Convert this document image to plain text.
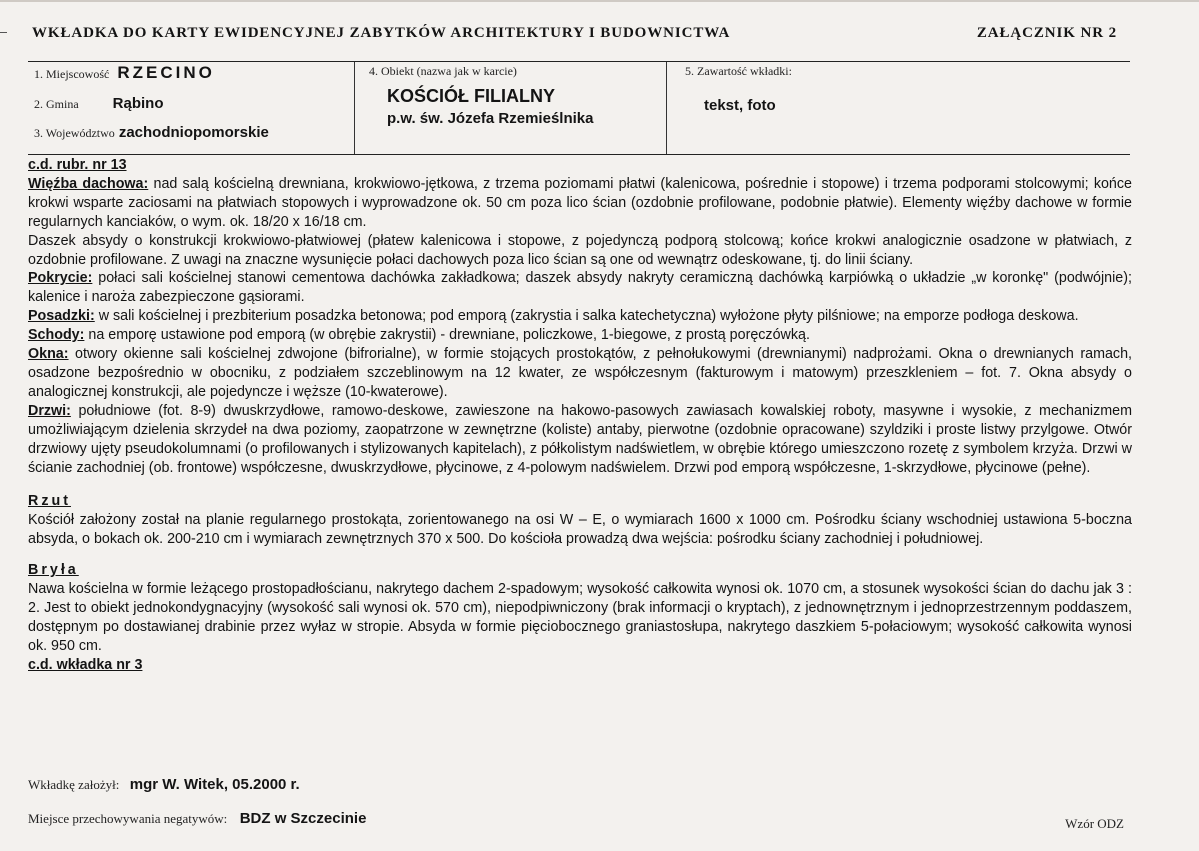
WKŁADKA DO KARTY EWIDENCYJNEJ ZABYTKÓW ARCHITEKTURY I BUDOWNICTWA	ZAŁĄCZNIK NR 2
1. Miejscowość RZECINO
2. Gmina Rąbino
3. Województwo zachodniopomorskie
4. Obiekt (nazwa jak w karcie)
KOŚCIÓŁ FILIALNY
p.w. św. Józefa Rzemieślnika
5. Zawartość wkładki:
tekst, foto

c.d. rubr. nr 13

Więźba dachowa: nad salą kościelną drewniana, krokwiowo-jętkowa, z trzema poziomami płatwi (kalenicowa, pośrednie i stopowe) i trzema podporami stolcowymi; końce krokwi wsparte zaciosami na płatwiach stopowych i wyprowadzone ok. 50 cm poza lico ścian (ozdobnie profilowane, podobnie płatwie). Elementy więźby dachowe w formie regularnych kanciaków, o wym. ok. 18/20 x 16/18 cm.

Daszek absydy o konstrukcji krokwiowo-płatwiowej (płatew kalenicowa i stopowe, z pojedynczą podporą stolcową; końce krokwi analogicznie osadzone w płatwiach, z ozdobnie profilowane. Z uwagi na znaczne wysunięcie połaci dachowych poza lico ścian są one od wewnątrz odeskowane, tj. do linii ściany.

Pokrycie: połaci sali kościelnej stanowi cementowa dachówka zakładkowa; daszek absydy nakryty ceramiczną dachówką karpiówką o układzie „w koronkę" (podwójnie); kalenice i naroża zabezpieczone gąsiorami.

Posadzki: w sali kościelnej i prezbiterium posadzka betonowa; pod emporą (zakrystia i salka katechetyczna) wyłożone płyty pilśniowe; na emporze podłoga deskowa.

Schody: na emporę ustawione pod emporą (w obrębie zakrystii) - drewniane, policzkowe, 1-biegowe, z prostą poręczówką.

Okna: otwory okienne sali kościelnej zdwojone (bifrorialne), w formie stojących prostokątów, z pełnołukowymi (drewnianymi) nadprożami. Okna o drewnianych ramach, osadzone bezpośrednio w obocniku, z podziałem szczeblinowym na 12 kwater, ze współczesnym (fakturowym i matowym) przeszkleniem – fot. 7. Okna absydy o analogicznej konstrukcji, ale pojedyncze i węższe (10-kwaterowe).

Drzwi: południowe (fot. 8-9) dwuskrzydłowe, ramowo-deskowe, zawieszone na hakowo-pasowych zawiasach kowalskiej roboty, masywne i wysokie, z mechanizmem umożliwiającym dzielenia skrzydeł na dwa poziomy, zaopatrzone w zewnętrzne (koliste) antaby, pierwotne (ozdobnie opracowane) szyldziki i proste listwy przylgowe. Otwór drzwiowy ujęty pseudokolumnami (o profilowanych i stylizowanych kapitelach), z półkolistym nadświetlem, w obrębie którego umieszczono rozetę z symbolem krzyża. Drzwi w ścianie zachodniej (ob. frontowe) współczesne, dwuskrzydłowe, płycinowe, z 4-polowym nadświelem. Drzwi pod emporą współczesne, 1-skrzydłowe, płycinowe (pełne).

Rzut

Kościół założony został na planie regularnego prostokąta, zorientowanego na osi W – E, o wymiarach 1600 x 1000 cm. Pośrodku ściany wschodniej ustawiona 5-boczna absyda, o bokach ok. 200-210 cm i wymiarach zewnętrznych 370 x 500. Do kościoła prowadzą dwa wejścia: pośrodku ściany zachodniej i południowej.

Bryła

Nawa kościelna w formie leżącego prostopadłościanu, nakrytego dachem 2-spadowym; wysokość całkowita wynosi ok. 1070 cm, a stosunek wysokości ścian do dachu jak 3 : 2. Jest to obiekt jednokondygnacyjny (wysokość sali wynosi ok. 570 cm), niepodpiwniczony (brak informacji o kryptach), z jednownętrznym i jednoprzestrzennym poddaszem, dostępnym po dostawianej drabinie przez wyłaz w stropie. Absyda w formie pięciobocznego graniastosłupa, nakrytego daszkiem 5-połaciowym; wysokość całkowita wynosi ok. 950 cm.

c.d. wkładka nr 3

Wkładkę założył: mgr W. Witek, 05.2000 r.
Miejsce przechowywania negatywów: BDZ w Szczecinie	Wzór ODZ
